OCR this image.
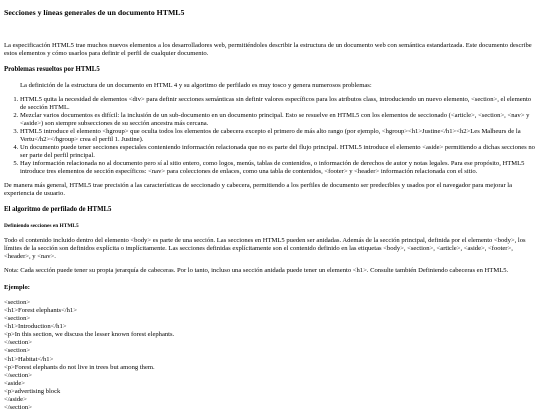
Secciones y líneas generales de un documento HTML5

La especificación HTML5 trae muchos nuevos elementos a los desarrolladores web, permitiéndoles describir la estructura de un documento web con semántica estandarizada. Este documento describe estos elementos y cómo usarlos para definir el perfil de cualquier documento.

Problemas resueltos por HTML5
La definición de la estructura de un documento en HTML 4 y su algoritmo de perfilado es muy tosco y genera numerosos problemas:
1. HTML5 quita la necesidad de elementos <div> para definir secciones semánticas sin definir valores específicos para los atributos class, introduciendo un nuevo elemento, <section>, el elemento de sección HTML.
2. Mezclar varios documentos es difícil: la inclusión de un sub-documento en un documento principal. Esto se resuelve en HTML5 con los elementos de seccionado (<article>, <section>, <nav> y <aside>) son siempre subsecciones de su sección ancestra más cercana.
3. HTML5 introduce el elemento <hgroup> que oculta todos los elementos de cabecera excepto el primero de más alto rango (por ejemplo, <hgroup><h1>Justine</h1><h2>Les Malheurs de la Vertu</h2></hgroup> crea el perfil 1. Justine).
4. Un documento puede tener secciones especiales conteniendo información relacionada que no es parte del flujo principal. HTML5 introduce el elemento <aside> permitiendo a dichas secciones no ser parte del perfil principal.
5. Hay información relacionada no al documento pero sí al sitio entero, como logos, menús, tablas de contenidos, o información de derechos de autor y notas legales. Para ese propósito, HTML5 introduce tres elementos de sección específicos: <nav> para colecciones de enlaces, como una tabla de contenidos, <footer> y <header> información relacionada con el sitio.

De manera más general, HTML5 trae precisión a las características de seccionado y cabecera, permitiendo a los perfiles de documento ser predecibles y usados por el navegador para mejorar la experiencia de usuario.

El algoritmo de perfilado de HTML5
Definiendo secciones en HTML5

Todo el contenido incluido dentro del elemento <body> es parte de una sección. Las secciones en HTML5 pueden ser anidadas. Además de la sección principal, definida por el elemento <body>, los límites de la sección son definidos explícita o implícitamente. Las secciones definidas explícitamente son el contenido definido en las etiquetas <body>, <section>, <article>, <aside>, <footer>, <header>, y <nav>.

Nota: Cada sección puede tener su propia jerarquía de cabeceras. Por lo tanto, incluso una sección anidada puede tener un elemento <h1>. Consulte también Definiendo cabeceras en HTML5.

Ejemplo:
<section>
<h1>Forest elephants</h1>
<section>
<h1>Introduction</h1>
<p>In this section, we discuss the lesser known forest elephants.
</section>
<section>
<h1>Habitat</h1>
<p>Forest elephants do not live in trees but among them.
</section>
<aside>
<p>advertising block
</aside>
</section>
